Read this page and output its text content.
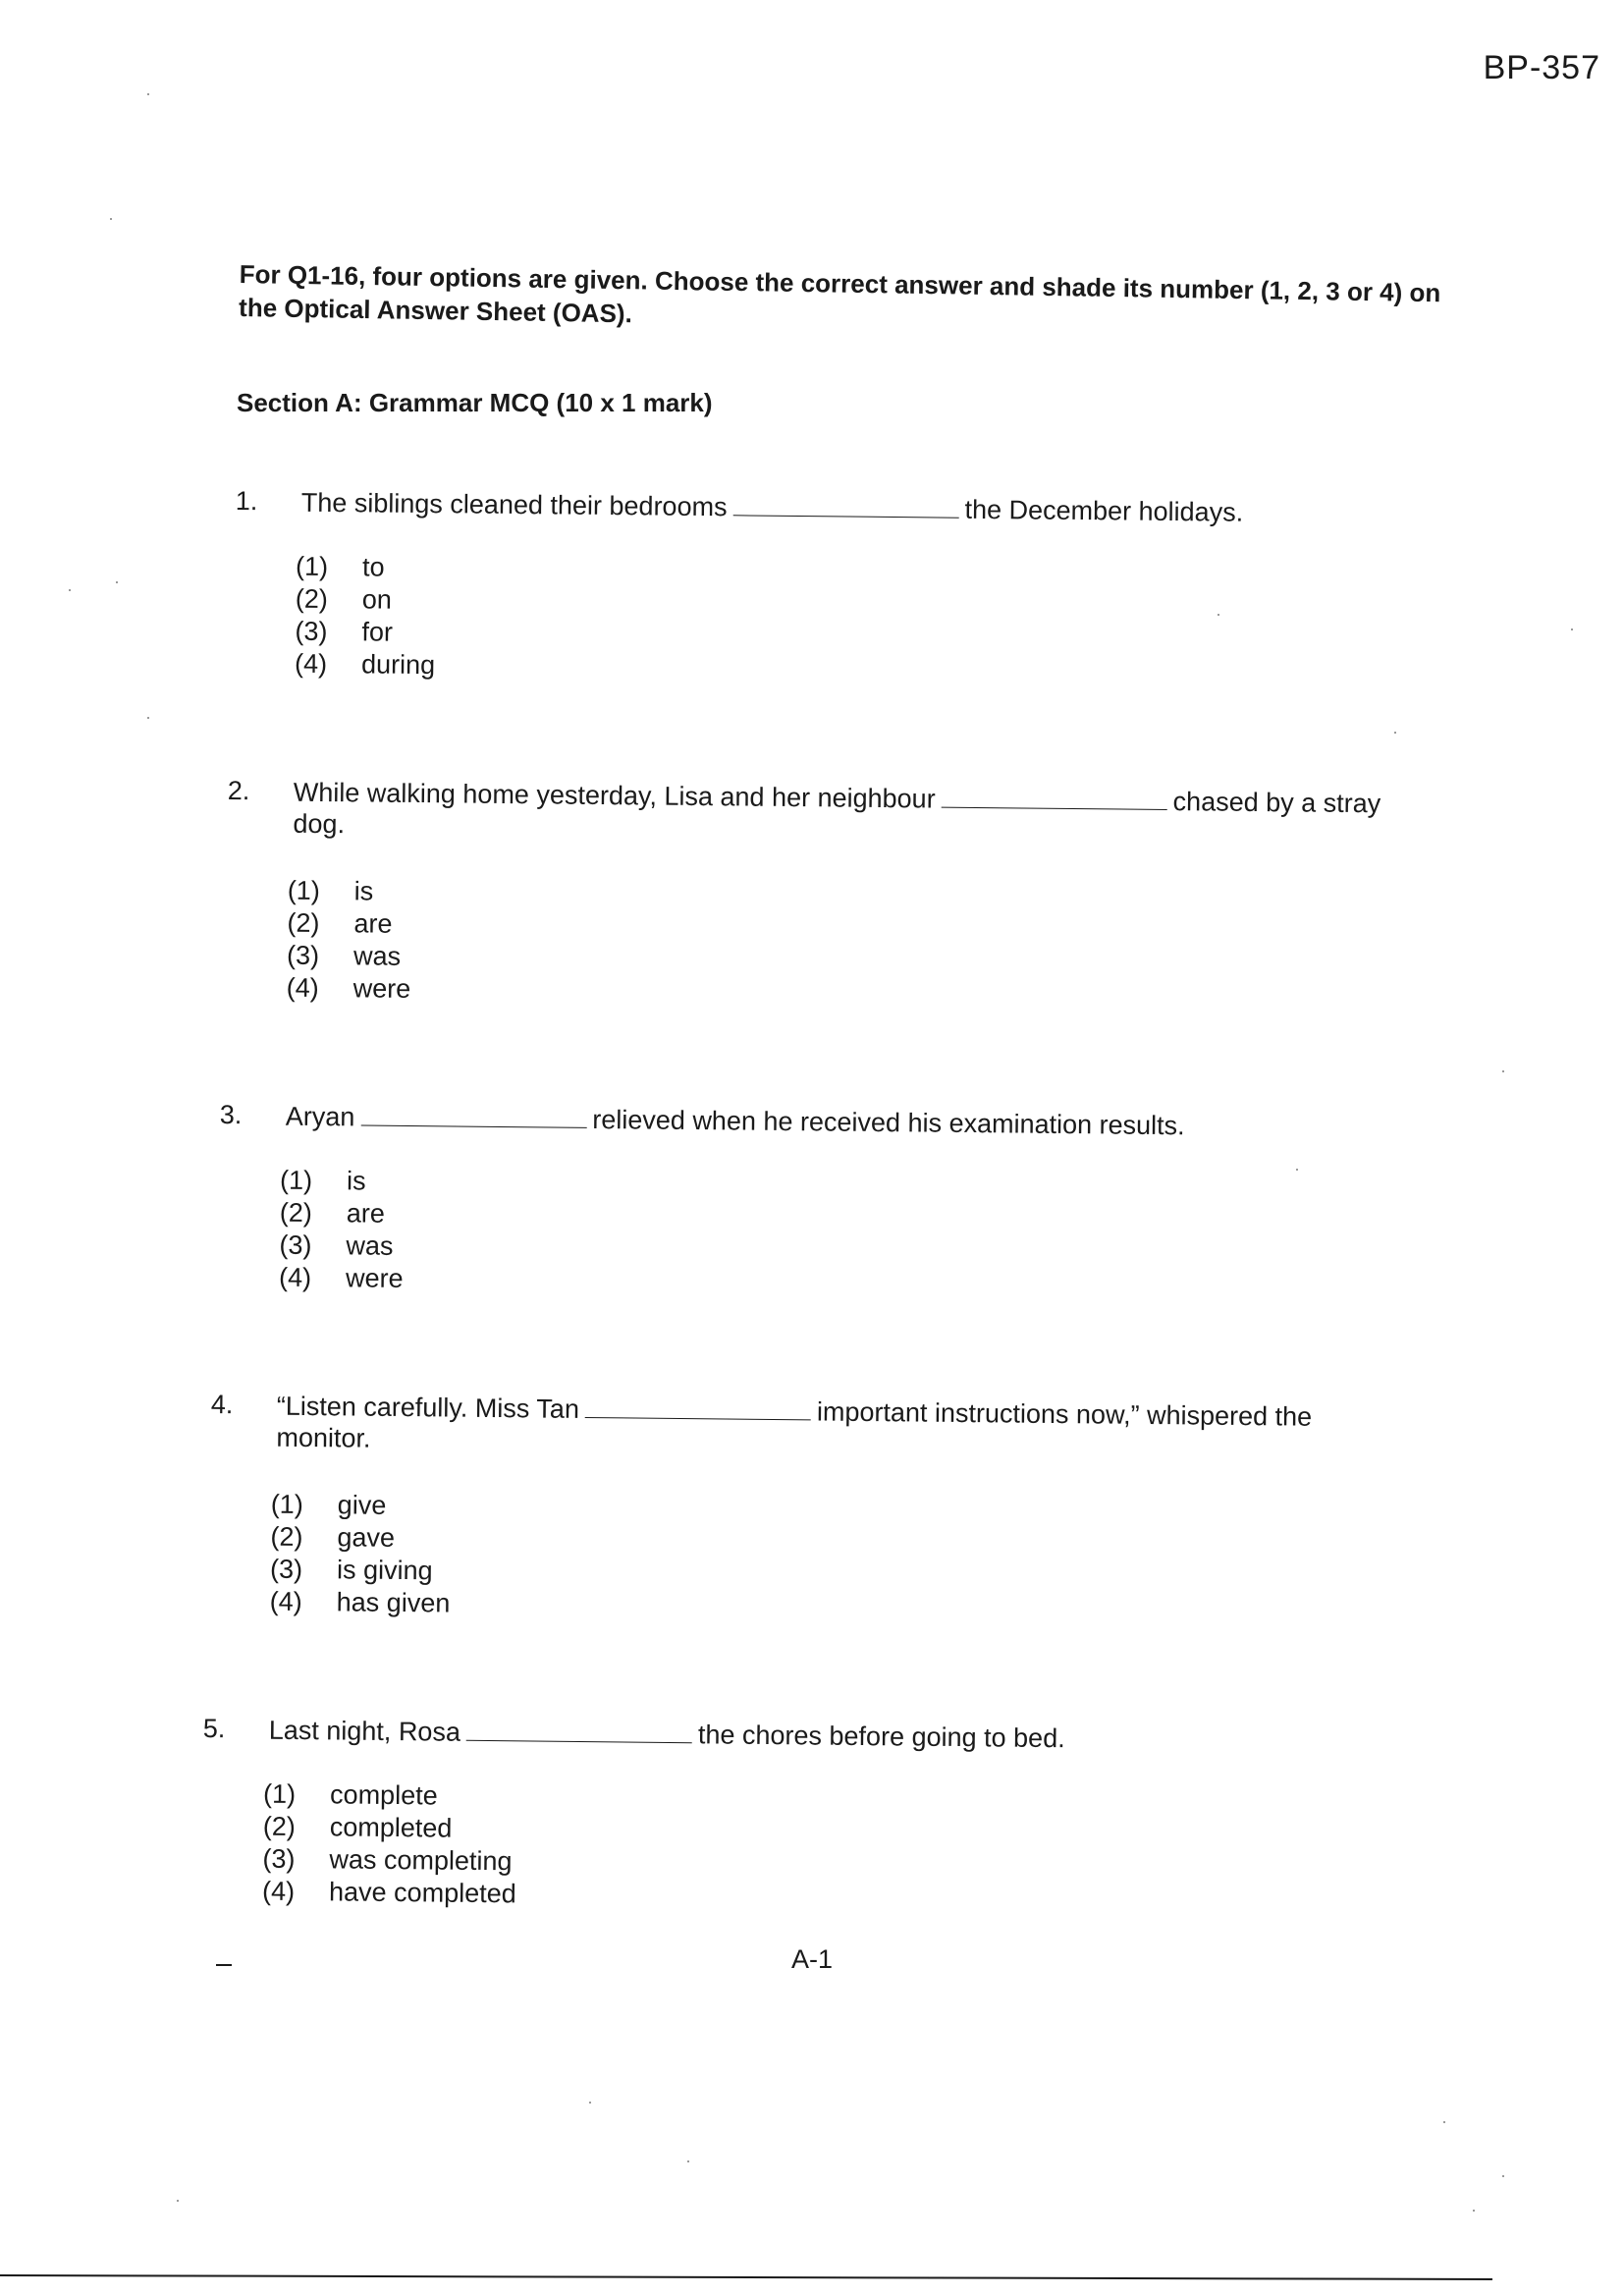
BP-357
For Q1-16, four options are given. Choose the correct answer and shade its number (1, 2, 3 or 4) on the Optical Answer Sheet (OAS).
Section A: Grammar MCQ (10 x 1 mark)
1. The siblings cleaned their bedrooms	the December holidays.
(1) to
(2) on
(3) for
(4) during
2. While walking home yesterday, Lisa and her neighbour	chased by a stray
dog.
(1) is
(2) are
(3) was
(4) were
3. Aryan	relieved when he received his examination results.
(1) is
(2) are
(3) was
(4) were
4. “Listen carefully. Miss Tan	important instructions now,” whispered the
monitor.
(1) give
(2) gave
(3) is giving
(4) has given
5. Last night, Rosa	the chores before going to bed.
(1) complete
(2) completed
(3) was completing
(4) have completed
A-1
